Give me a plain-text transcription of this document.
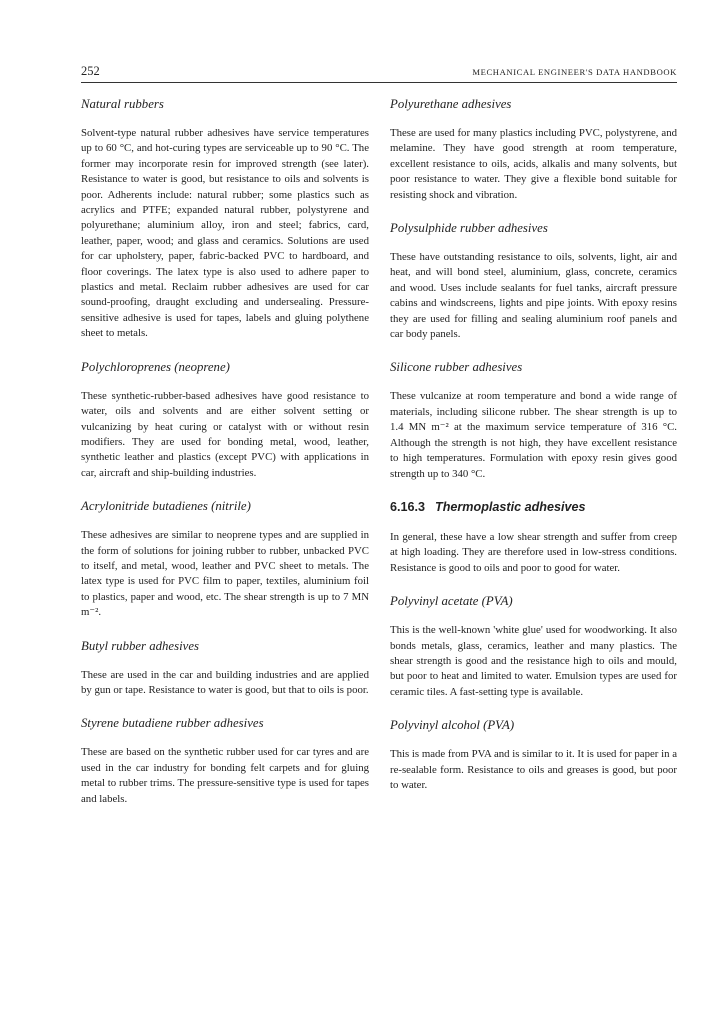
252	MECHANICAL ENGINEER'S DATA HANDBOOK
Natural rubbers

Solvent-type natural rubber adhesives have service temperatures up to 60 °C, and hot-curing types are serviceable up to 90 °C. The former may incorporate resin for improved strength (see later). Resistance to water is good, but resistance to oils and solvents is poor. Adherents include: natural rubber; some plastics such as acrylics and PTFE; expanded natural rubber, polystyrene and polyurethane; aluminium alloy, iron and steel; fabrics, card, leather, paper, wood; and glass and ceramics. Solutions are used for car upholstery, paper, fabric-backed PVC to hardboard, and floor coverings. The latex type is also used to adhere paper to plastics and metal. Reclaim rubber adhesives are used for car sound-proofing, draught excluding and undersealing. Pressure-sensitive adhesive is used for tapes, labels and gluing polythene sheet to metals.

Polychloroprenes (neoprene)

These synthetic-rubber-based adhesives have good resistance to water, oils and solvents and are either solvent setting or vulcanizing by heat curing or catalyst with or without resin modifiers. They are used for bonding metal, wood, leather, synthetic leather and plastics (except PVC) with applications in car, aircraft and ship-building industries.

Acrylonitride butadienes (nitrile)

These adhesives are similar to neoprene types and are supplied in the form of solutions for joining rubber to rubber, unbacked PVC to itself, and metal, wood, leather and PVC sheet to metals. The latex type is used for PVC film to paper, textiles, aluminium foil to plastics, paper and wood, etc. The shear strength is up to 7 MN m⁻².

Butyl rubber adhesives

These are used in the car and building industries and are applied by gun or tape. Resistance to water is good, but that to oils is poor.

Styrene butadiene rubber adhesives

These are based on the synthetic rubber used for car tyres and are used in the car industry for bonding felt carpets and for gluing metal to rubber trims. The pressure-sensitive type is used for tapes and labels.

Polyurethane adhesives

These are used for many plastics including PVC, polystyrene, and melamine. They have good strength at room temperature, excellent resistance to oils, acids, alkalis and many solvents, but poor resistance to water. They give a flexible bond suitable for resisting shock and vibration.

Polysulphide rubber adhesives

These have outstanding resistance to oils, solvents, light, air and heat, and will bond steel, aluminium, glass, concrete, ceramics and wood. Uses include sealants for fuel tanks, aircraft pressure cabins and windscreens, lights and pipe joints. With epoxy resins they are used for filling and sealing aluminium roof panels and car body panels.

Silicone rubber adhesives

These vulcanize at room temperature and bond a wide range of materials, including silicone rubber. The shear strength is up to 1.4 MN m⁻² at the maximum service temperature of 316 °C. Although the strength is not high, they have excellent resistance to high temperatures. Formulation with epoxy resin gives good strength up to 340 °C.

6.16.3 Thermoplastic adhesives

In general, these have a low shear strength and suffer from creep at high loading. They are therefore used in low-stress conditions. Resistance is good to oils and poor to good for water.

Polyvinyl acetate (PVA)

This is the well-known 'white glue' used for woodworking. It also bonds metals, glass, ceramics, leather and many plastics. The shear strength is good and the resistance high to oils and mould, but poor to heat and limited to water. Emulsion types are used for ceramic tiles. A fast-setting type is available.

Polyvinyl alcohol (PVA)

This is made from PVA and is similar to it. It is used for paper in a re-sealable form. Resistance to oils and greases is good, but poor to water.
